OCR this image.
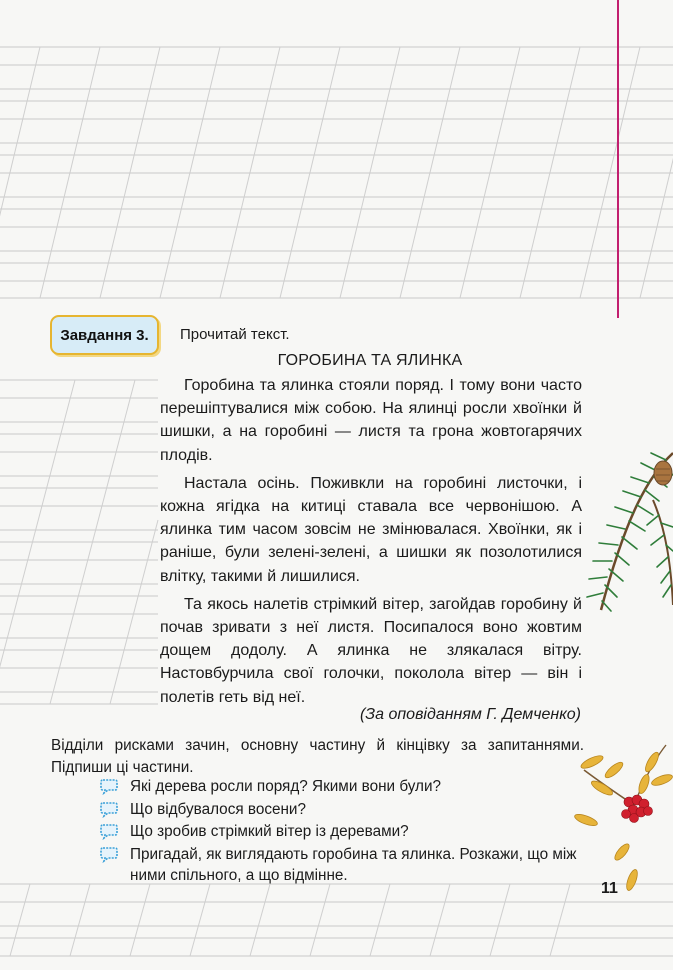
Завдання 3. Прочитай текст.
ГОРОБИНА ТА ЯЛИНКА

Горобина та ялинка стояли поряд. І тому вони часто перешіптувалися між собою. На ялинці росли хвоїнки й шишки, а на горобині — листя та грона жовтогарячих плодів.

Настала осінь. Поживкли на горобині листочки, і кожна ягідка на китиці ставала все червонішою. А ялинка тим часом зовсім не змінювалася. Хвоїнки, як і раніше, були зелені-зелені, а шишки як позолотилися влітку, такими й лишилися.

Та якось налетів стрімкий вітер, загойдав горобину й почав зривати з неї листя. Посипалося воно жовтим дощем додолу. А ялинка не злякалася вітру. Настовбурчила свої голочки, поколола вітер — він і полетів геть від неї.

(За оповіданням Г. Демченко)
Відділи рисками зачин, основну частину й кінцівку за запитаннями. Підпиши ці частини.
Які дерева росли поряд? Якими вони були?
Що відбувалося восени?
Що зробив стрімкий вітер із деревами?
Пригадай, як виглядають горобина та ялинка. Розкажи, що між ними спільного, а що відмінне.
11
